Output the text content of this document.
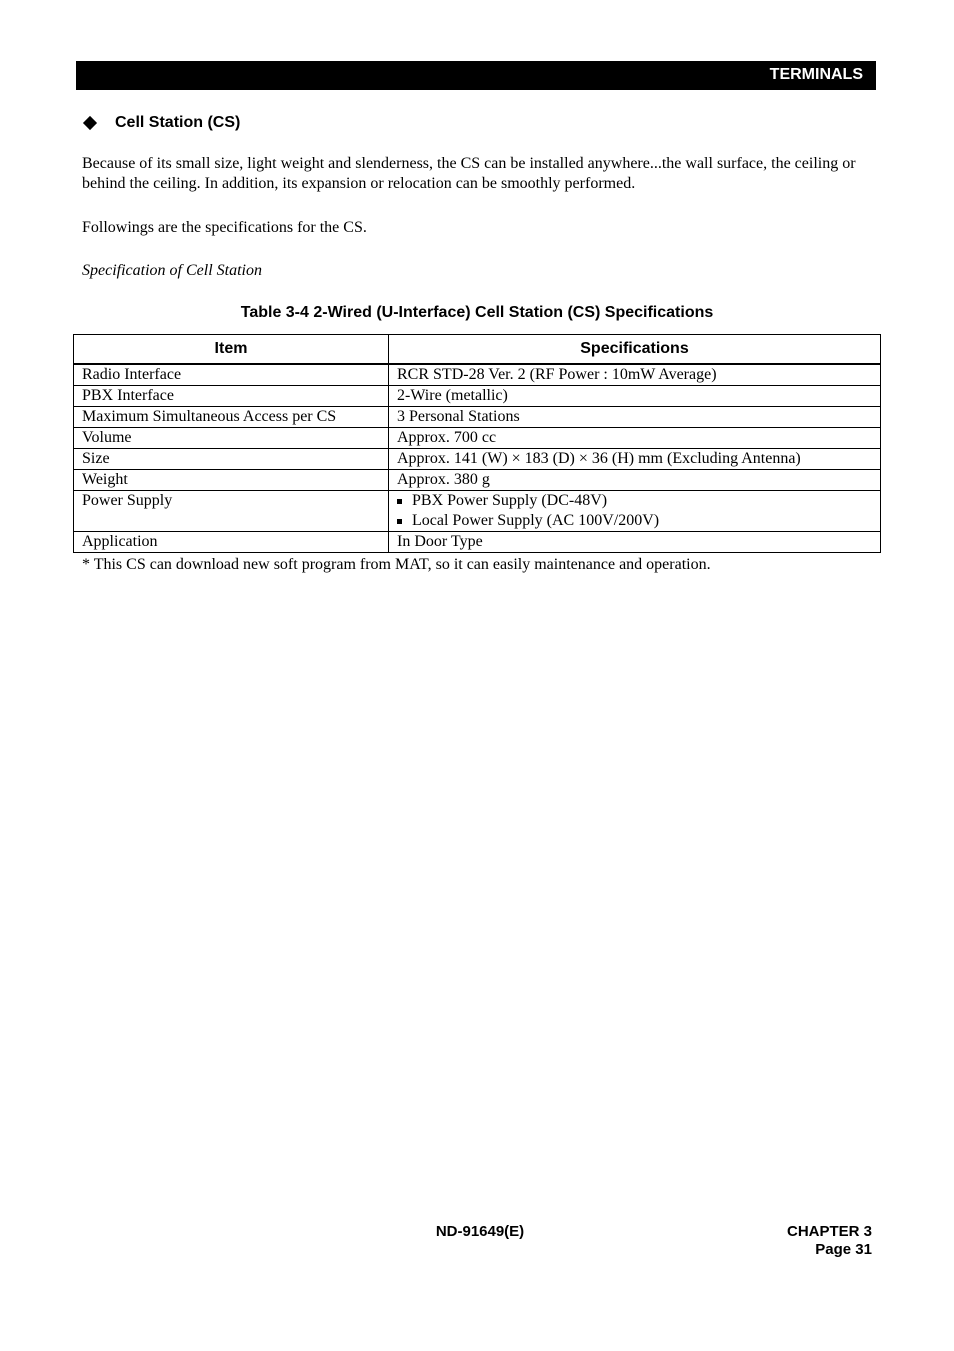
TERMINALS
Cell Station (CS)

Because of its small size, light weight and slenderness, the CS can be installed anywhere...the wall surface, the ceiling or behind the ceiling. In addition, its expansion or relocation can be smoothly performed.

Followings are the specifications for the CS.

Specification of Cell Station

Table 3-4 2-Wired (U-Interface) Cell Station (CS) Specifications
Item	Specifications
Radio Interface	RCR STD-28 Ver. 2 (RF Power : 10mW Average)
PBX Interface	2-Wire (metallic)
Maximum Simultaneous Access per CS	3 Personal Stations
Volume	Approx. 700 cc
Size	Approx. 141 (W) × 183 (D) × 36 (H) mm (Excluding Antenna)
Weight	Approx. 380 g
Power Supply	PBX Power Supply (DC-48V)
Local Power Supply (AC 100V/200V)

Application	In Door Type
* This CS can download new soft program from MAT, so it can easily maintenance and operation.
ND-91649(E)	CHAPTER 3
Page 31
